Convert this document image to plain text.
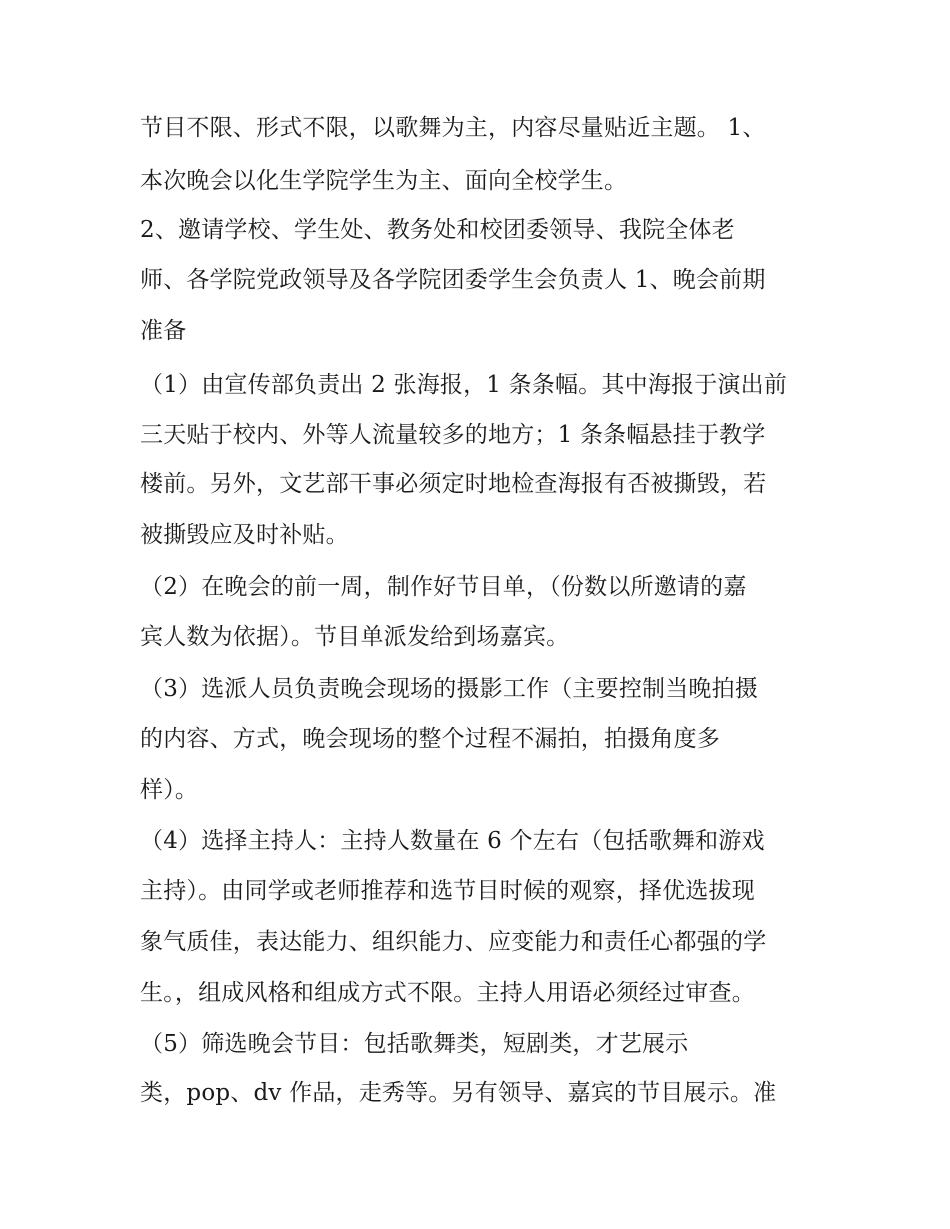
节目不限、形式不限，以歌舞为主，内容尽量贴近主题。 1、
本次晚会以化生学院学生为主、面向全校学生。
2、邀请学校、学生处、教务处和校团委领导、我院全体老
师、各学院党政领导及各学院团委学生会负责人 1、晚会前期
准备
（1）由宣传部负责出 2 张海报，1 条条幅。其中海报于演出前
三天贴于校内、外等人流量较多的地方；1 条条幅悬挂于教学
楼前。另外，文艺部干事必须定时地检查海报有否被撕毁，若
被撕毁应及时补贴。
（2）在晚会的前一周，制作好节目单，（份数以所邀请的嘉
宾人数为依据）。节目单派发给到场嘉宾。
（3）选派人员负责晚会现场的摄影工作（主要控制当晚拍摄
的内容、方式，晚会现场的整个过程不漏拍，拍摄角度多
样）。
（4）选择主持人：主持人数量在 6 个左右（包括歌舞和游戏
主持）。由同学或老师推荐和选节目时候的观察，择优选拔现
象气质佳，表达能力、组织能力、应变能力和责任心都强的学
生。，组成风格和组成方式不限。主持人用语必须经过审查。
（5）筛选晚会节目：包括歌舞类，短剧类，才艺展示
类，pop、dv 作品，走秀等。另有领导、嘉宾的节目展示。准
